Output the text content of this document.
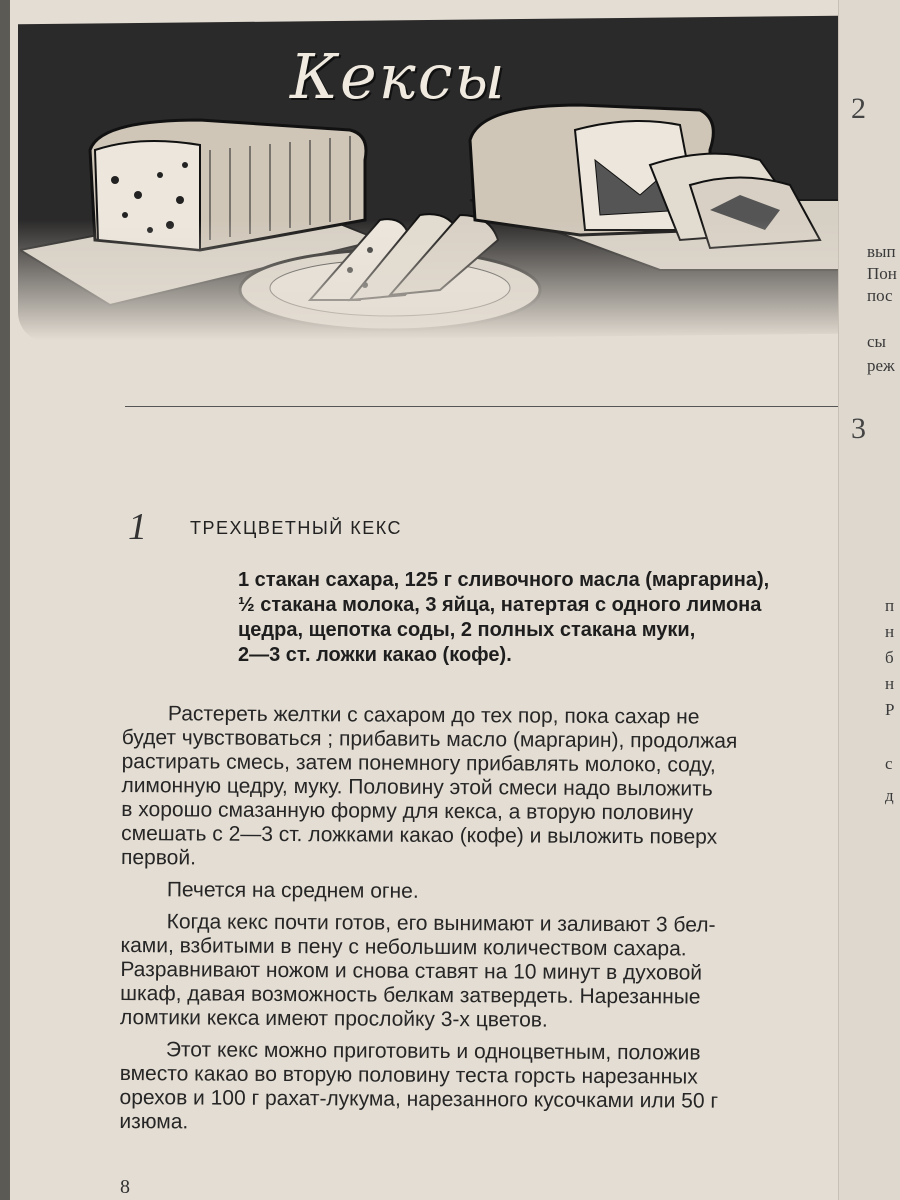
Кексы
1 ТРЕХЦВЕТНЫЙ КЕКС
1 стакан сахара, 125 г сливочного масла (маргарина),
½ стакана молока, 3 яйца, натертая с одного лимона
цедра, щепотка соды, 2 полных стакана муки,
2—3 ст. ложки какао (кофе).

Растереть желтки с сахаром до тех пор, пока сахар не
будет чувствоваться ; прибавить масло (маргарин), продолжая
растирать смесь, затем понемногу прибавлять молоко, соду,
лимонную цедру, муку. Половину этой смеси надо выложить
в хорошо смазанную форму для кекса, а вторую половину
смешать с 2—3 ст. ложками какао (кофе) и выложить поверх
первой.

Печется на среднем огне.

Когда кекс почти готов, его вынимают и заливают 3 бел-
ками, взбитыми в пену с небольшим количеством сахара.
Разравнивают ножом и снова ставят на 10 минут в духовой
шкаф, давая возможность белкам затвердеть. Нарезанные
ломтики кекса имеют прослойку 3-х цветов.

Этот кекс можно приготовить и одноцветным, положив
вместо какао во вторую половину теста горсть нарезанных
орехов и 100 г рахат-лукума, нарезанного кусочками или 50 г
изюма.

8
2
вып
Пон
пос
сы
реж
3
п
н
б
н
Р
с
д
